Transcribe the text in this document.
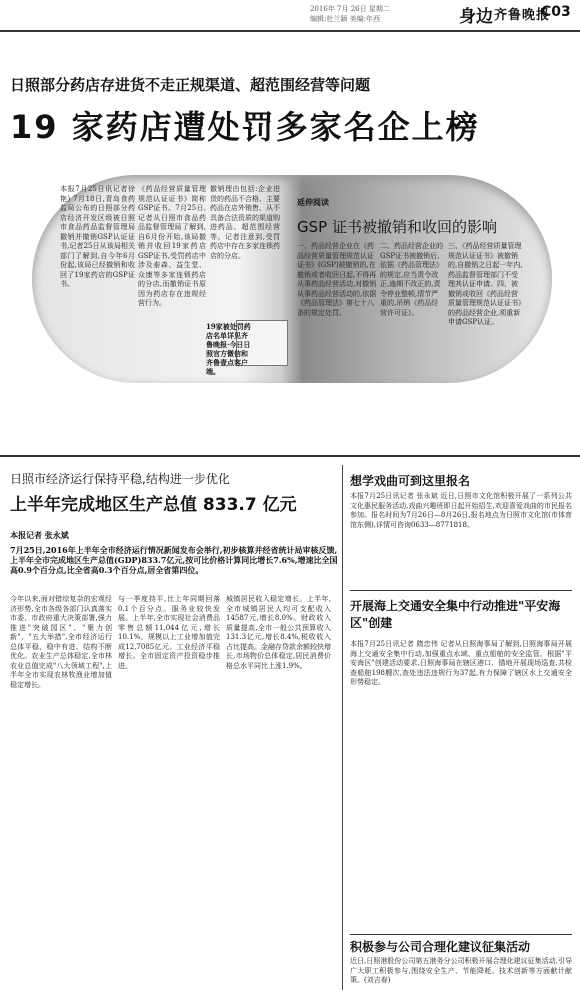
2016年 7月 26日 星期二
编辑:杜兰颖 美编:年西	身边 齐鲁晚报
C03
日照部分药店存进货不走正规渠道、超范围经营等问题
19 家药店遭处罚多家名企上榜
本报7月25日讯记者徐艳) 7月18日,青岛食药监局公布的日照部分药店经济开发区级被日照市食品药品监督管理局撤销并撤销GSP认证证书,记者25日从该局相关部门了解到,自今年6月份起,该局已经撤销和收回了19家药店的GSP证书。
《药品经营质量管理规范认证证书》简称GSP证书。7月25日,记者从日照市食品药品监督管理局了解到,自6月份开始,该局撤销并收回19家药店GSP证书,受罚药店中涉及泰森、益生堂、众康等多家连锁药店的分店,而撤销证书原因为药店存在违规经营行为。
撤销理由包括:企业进货的药品不合格、主要药品在店外销售、从不具备合法资质的渠道购进药品、超范围经营等。记者注意到,受罚药店中存在多家连锁药店的分店。
19家被处罚药店名单详见齐鲁晚报·今日日照官方微信和齐鲁壹点客户端。
延伸阅读
GSP 证书被撤销和收回的影响
一、药品经营企业在《药品经营质量管理规范认证证书》(GSP)被撤销的,在撤销或者收回日起,不得再从事药品经营活动,对撤销从事药品经营活动的,依据《药品管理法》第七十八条的规定处罚。
二、药品经营企业的GSP证书被撤销后,依据《药品管理法》的规定,应当责令改正,逾期不改正的,责令停业整顿,情节严重的,吊销《药品经营许可证》。
三、《药品经营质量管理规范认证证书》被撤销的,自撤销之日起一年内,药品监督管理部门不受理其认证申请。四、被撤销或收回《药品经营质量管理规范认证证书》的药品经营企业,须重新申请GSP认证。
日照市经济运行保持平稳,结构进一步优化
上半年完成地区生产总值 833.7 亿元
本报记者 张永斌
7月25日,2016年上半年全市经济运行情况新闻发布会举行,初步核算并经省统计局审核反馈,上半年全市完成地区生产总值(GDP)833.7亿元,按可比价格计算同比增长7.6%,增速比全国高0.9个百分点,比全省高0.3个百分点,居全省第四位。
今年以来,面对错综复杂的宏观经济形势,全市各级各部门认真落实市委、市政府重大决策部署,强力推进"突破园区"、"聚力创新"、"五大举措",全市经济运行总体平稳、稳中有进、结构不断优化。农业生产总体稳定,全市林农业总值完成"八大领域工程",上半年全市实现农林牧渔业增加值稳定增长。
与一季度持平,比上年同期回落0.1个百分点。服务业较快发展。上半年,全市实现社会消费品零售总额11,044亿元,增长10.1%。规模以上工业增加值完成12,7085亿元。工业经济平稳增长。全市固定资产投资稳步推进。
城镇居民收入稳定增长。上半年,全市城镇居民人均可支配收入14587元,增长8.0%。财政收入质量提高,全市一般公共预算收入131.3亿元,增长8.4%,税收收入占比提高。金融存贷款余额较快增长,市场物价总体稳定,居民消费价格总水平同比上涨1.9%。
想学戏曲可到这里报名
本报7月25日讯记者 张永斌 近日,日照市文化馆积极开展了一系列公共文化惠民服务活动,戏曲兴趣班即日起开始招生,欢迎喜爱戏曲的市民报名参加。报名时间为7月26日—8月26日,报名地点为日照市文化馆(市体育馆东侧),详情可咨询0633—8771818。
开展海上交通安全集中行动推进"平安海区"创建
本报7月25日讯记者 隋忠伟 记者从日照海事局了解到,日照海事局开展海上交通安全集中行动,加强重点水域、重点船舶的安全监管。根据"平安海区"创建活动要求,日照海事局在辖区港口、锚地开展现场巡查,共检查船舶198艘次,查处违法违规行为37起,有力保障了辖区水上交通安全形势稳定。
积极参与公司合理化建议征集活动
近日,日照港股份公司第五港务分公司积极开展合理化建议征集活动,引导广大职工积极参与,围绕安全生产、节能降耗、技术创新等方面献计献策。(刘吉春)
